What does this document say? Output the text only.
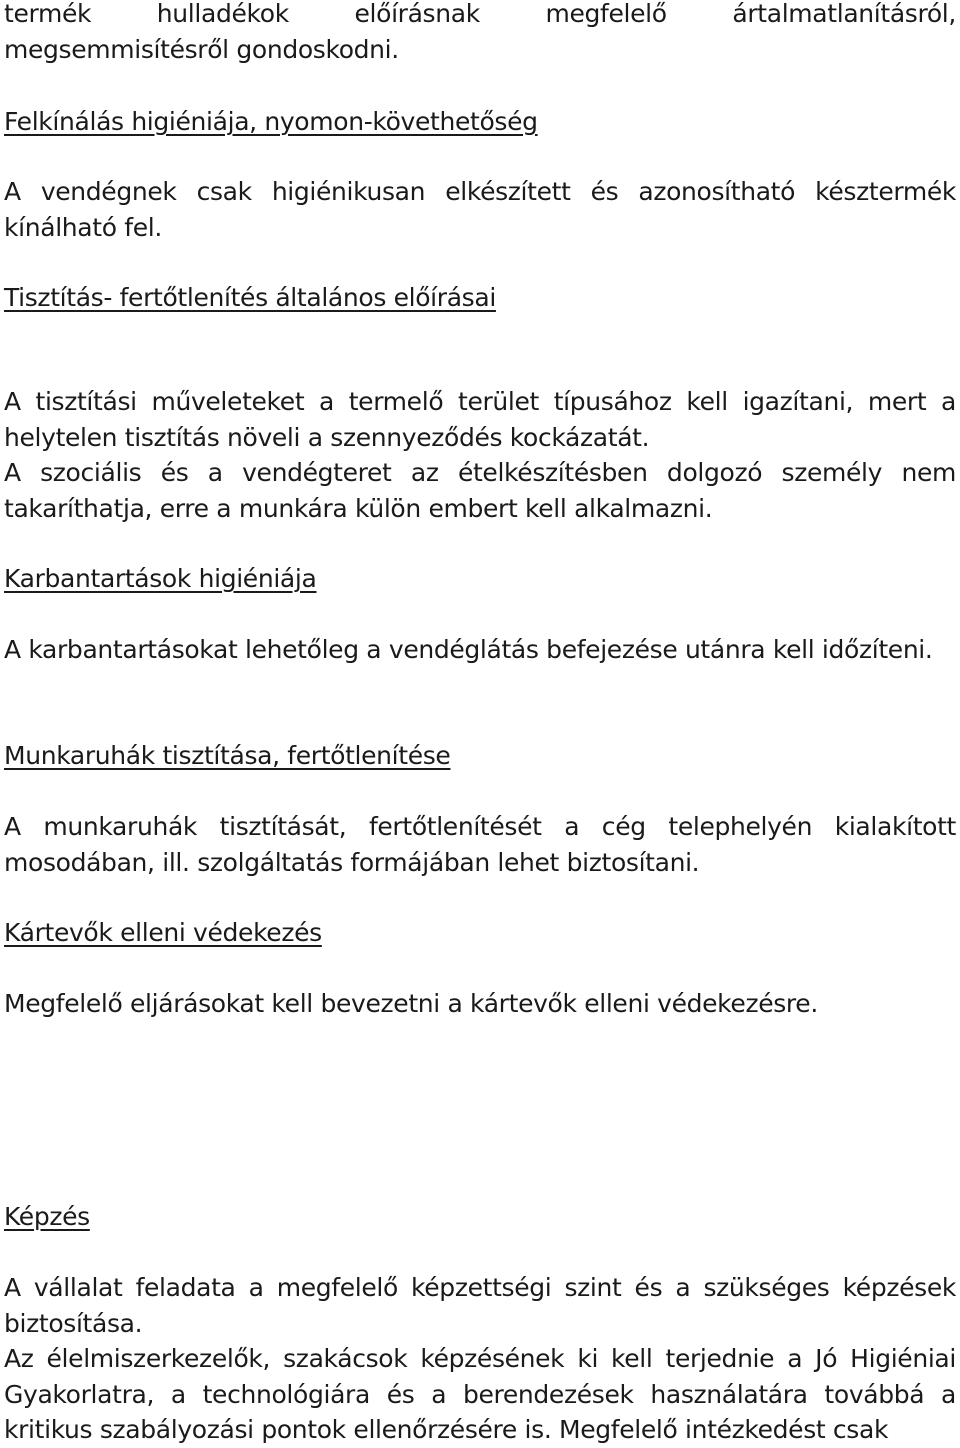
termék hulladékok előírásnak megfelelő ártalmatlanításról, megsemmisítésről gondoskodni.

Felkínálás higiéniája, nyomon-követhetőség

A vendégnek csak higiénikusan elkészített és azonosítható késztermék kínálható fel.

Tisztítás- fertőtlenítés általános előírásai

A tisztítási műveleteket a termelő terület típusához kell igazítani, mert a helytelen tisztítás növeli a szennyeződés kockázatát.

A szociális és a vendégteret az ételkészítésben dolgozó személy nem takaríthatja, erre a munkára külön embert kell alkalmazni.

Karbantartások higiéniája

A karbantartásokat lehetőleg a vendéglátás befejezése utánra kell időzíteni.

Munkaruhák tisztítása, fertőtlenítése

A munkaruhák tisztítását, fertőtlenítését a cég telephelyén kialakított mosodában, ill. szolgáltatás formájában lehet biztosítani.

Kártevők elleni védekezés

Megfelelő eljárásokat kell bevezetni a kártevők elleni védekezésre.

Képzés

A vállalat feladata a megfelelő képzettségi szint és a szükséges képzések biztosítása.

Az élelmiszerkezelők, szakácsok képzésének ki kell terjednie a Jó Higiéniai Gyakorlatra, a technológiára és a berendezések használatára továbbá a kritikus szabályozási pontok ellenőrzésére is. Megfelelő intézkedést csak
